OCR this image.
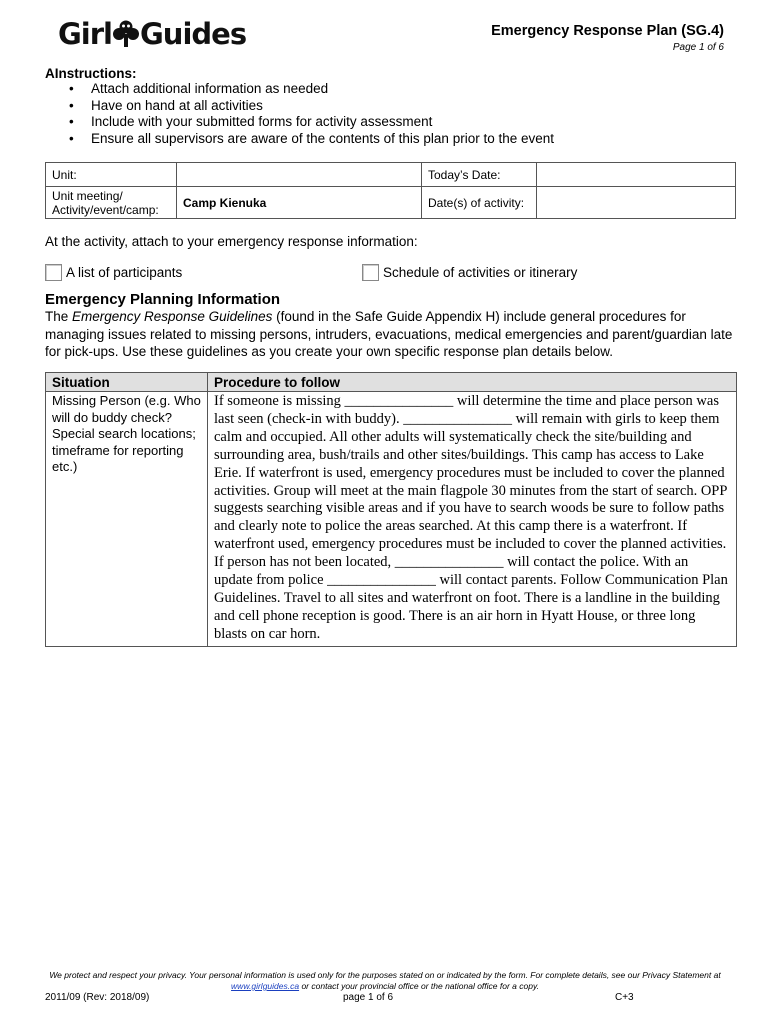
Girl Guides	Emergency Response Plan (SG.4)
Page 1 of 6
AInstructions:
• Attach additional information as needed
• Have on hand at all activities
• Include with your submitted forms for activity assessment
• Ensure all supervisors are aware of the contents of this plan prior to the event
Unit:		Today’s Date:	
Unit meeting/ Activity/event/camp:	Camp Kienuka	Date(s) of activity:	
At the activity, attach to your emergency response information:
A list of participants	Schedule of activities or itinerary
Emergency Planning Information
The Emergency Response Guidelines (found in the Safe Guide Appendix H) include general procedures for managing issues related to missing persons, intruders, evacuations, medical emergencies and parent/guardian late for pick-ups. Use these guidelines as you create your own specific response plan details below.
Situation	Procedure to follow
Missing Person (e.g. Who will do buddy check? Special search locations; timeframe for reporting etc.)	If someone is missing _______________ will determine the time and place person was last seen (check-in with buddy). _______________ will remain with girls to keep them calm and occupied. All other adults will systematically check the site/building and surrounding area, bush/trails and other sites/buildings. This camp has access to Lake Erie. If waterfront is used, emergency procedures must be included to cover the planned activities. Group will meet at the main flagpole 30 minutes from the start of search. OPP suggests searching visible areas and if you have to search woods be sure to follow paths and clearly note to police the areas searched. At this camp there is a waterfront. If waterfront used, emergency procedures must be included to cover the planned activities. If person has not been located, _______________ will contact the police. With an update from police _______________ will contact parents. Follow Communication Plan Guidelines. Travel to all sites and waterfront on foot. There is a landline in the building and cell phone reception is good. There is an air horn in Hyatt House, or three long blasts on car horn.
We protect and respect your privacy. Your personal information is used only for the purposes stated on or indicated by the form. For complete details, see our Privacy Statement at www.girlguides.ca or contact your provincial office or the national office for a copy.
2011/09 (Rev: 2018/09)	page 1 of 6	C+3
